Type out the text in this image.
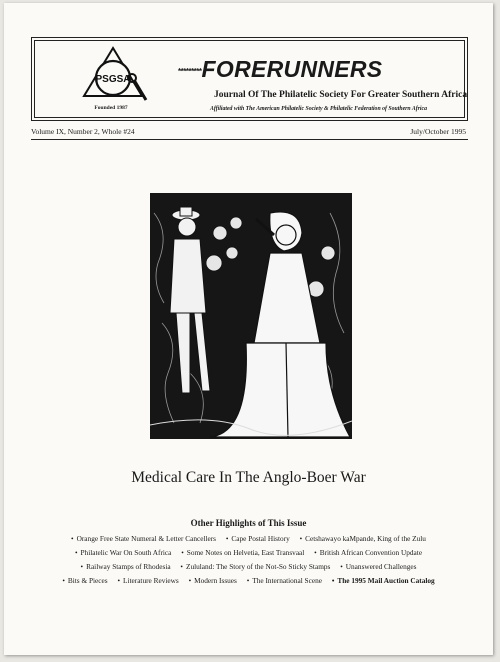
PSGSA
Founded 1987
*********FORERUNNERS
Journal Of The Philatelic Society For Greater Southern Africa
Affiliated with The American Philatelic Society & Philatelic Federation of Southern Africa
Volume IX, Number 2, Whole #24	July/October 1995
Medical Care In The Anglo-Boer War
Other Highlights of This Issue
• Orange Free State Numeral & Letter Cancellers • Cape Postal History • Cetshawayo kaMpande, King of the Zulu
• Philatelic War On South Africa • Some Notes on Helvetia, East Transvaal • British African Convention Update
• Railway Stamps of Rhodesia • Zululand: The Story of the Not-So Sticky Stamps • Unanswered Challenges
• Bits & Pieces • Literature Reviews • Modern Issues • The International Scene • The 1995 Mail Auction Catalog
